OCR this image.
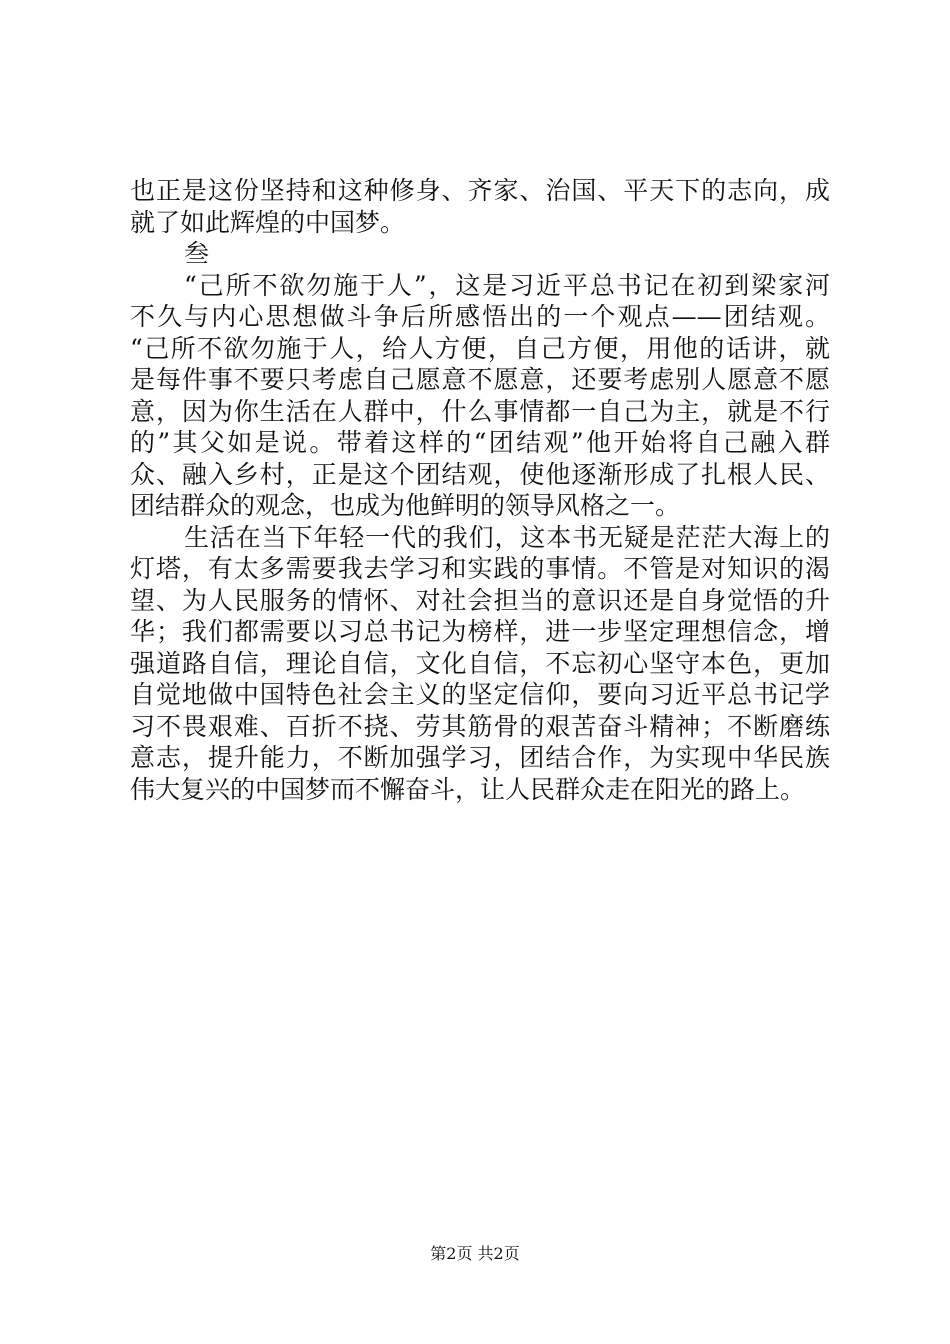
也正是这份坚持和这种修身、齐家、治国、平天下的志向，成
就了如此辉煌的中国梦。
叁
“己所不欲勿施于人”，这是习近平总书记在初到梁家河
不久与内心思想做斗争后所感悟出的一个观点——团结观。
“己所不欲勿施于人，给人方便，自己方便，用他的话讲，就
是每件事不要只考虑自己愿意不愿意，还要考虑别人愿意不愿
意，因为你生活在人群中，什么事情都一自己为主，就是不行
的”其父如是说。带着这样的“团结观”他开始将自己融入群
众、融入乡村，正是这个团结观，使他逐渐形成了扎根人民、
团结群众的观念，也成为他鲜明的领导风格之一。
生活在当下年轻一代的我们，这本书无疑是茫茫大海上的
灯塔，有太多需要我去学习和实践的事情。不管是对知识的渴
望、为人民服务的情怀、对社会担当的意识还是自身觉悟的升
华；我们都需要以习总书记为榜样，进一步坚定理想信念，增
强道路自信，理论自信，文化自信，不忘初心坚守本色，更加
自觉地做中国特色社会主义的坚定信仰，要向习近平总书记学
习不畏艰难、百折不挠、劳其筋骨的艰苦奋斗精神；不断磨练
意志，提升能力，不断加强学习，团结合作，为实现中华民族
伟大复兴的中国梦而不懈奋斗，让人民群众走在阳光的路上。
第2页 共2页
